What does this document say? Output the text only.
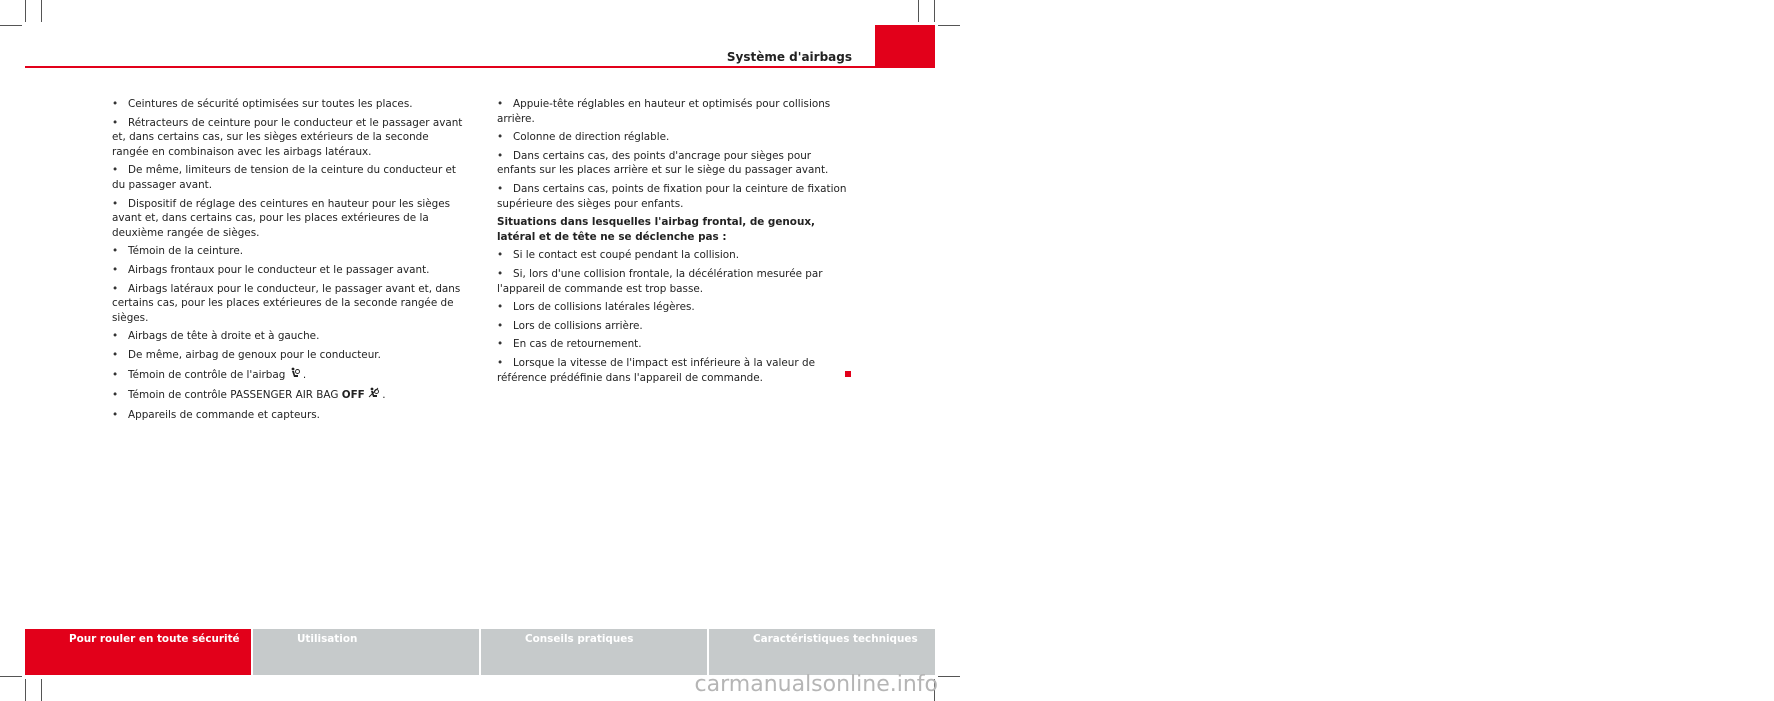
Système d'airbags	35

• Ceintures de sécurité optimisées sur toutes les places.

• Rétracteurs de ceinture pour le conducteur et le passager avant et, dans certains cas, sur les sièges extérieurs de la seconde rangée en combinaison avec les airbags latéraux.

• De même, limiteurs de tension de la ceinture du conducteur et du passager avant.

• Dispositif de réglage des ceintures en hauteur pour les sièges avant et, dans certains cas, pour les places extérieures de la deuxième rangée de sièges.

• Témoin de la ceinture.

• Airbags frontaux pour le conducteur et le passager avant.

• Airbags latéraux pour le conducteur, le passager avant et, dans certains cas, pour les places extérieures de la seconde rangée de sièges.

• Airbags de tête à droite et à gauche.

• De même, airbag de genoux pour le conducteur.

• Témoin de contrôle de l'airbag .

• Témoin de contrôle PASSENGER AIR BAG OFF .

• Appareils de commande et capteurs.

• Appuie-tête réglables en hauteur et optimisés pour collisions arrière.

• Colonne de direction réglable.

• Dans certains cas, des points d'ancrage pour sièges pour enfants sur les places arrière et sur le siège du passager avant.

• Dans certains cas, points de fixation pour la ceinture de fixation supérieure des sièges pour enfants.

Situations dans lesquelles l'airbag frontal, de genoux, latéral et de tête ne se déclenche pas :

• Si le contact est coupé pendant la collision.

• Si, lors d'une collision frontale, la décélération mesurée par l'appareil de commande est trop basse.

• Lors de collisions latérales légères.

• Lors de collisions arrière.

• En cas de retournement.

• Lorsque la vitesse de l'impact est inférieure à la valeur de référence prédéfinie dans l'appareil de commande.

Pour rouler en toute sécurité	Utilisation	Conseils pratiques	Caractéristiques techniques
carmanualsonline.info
